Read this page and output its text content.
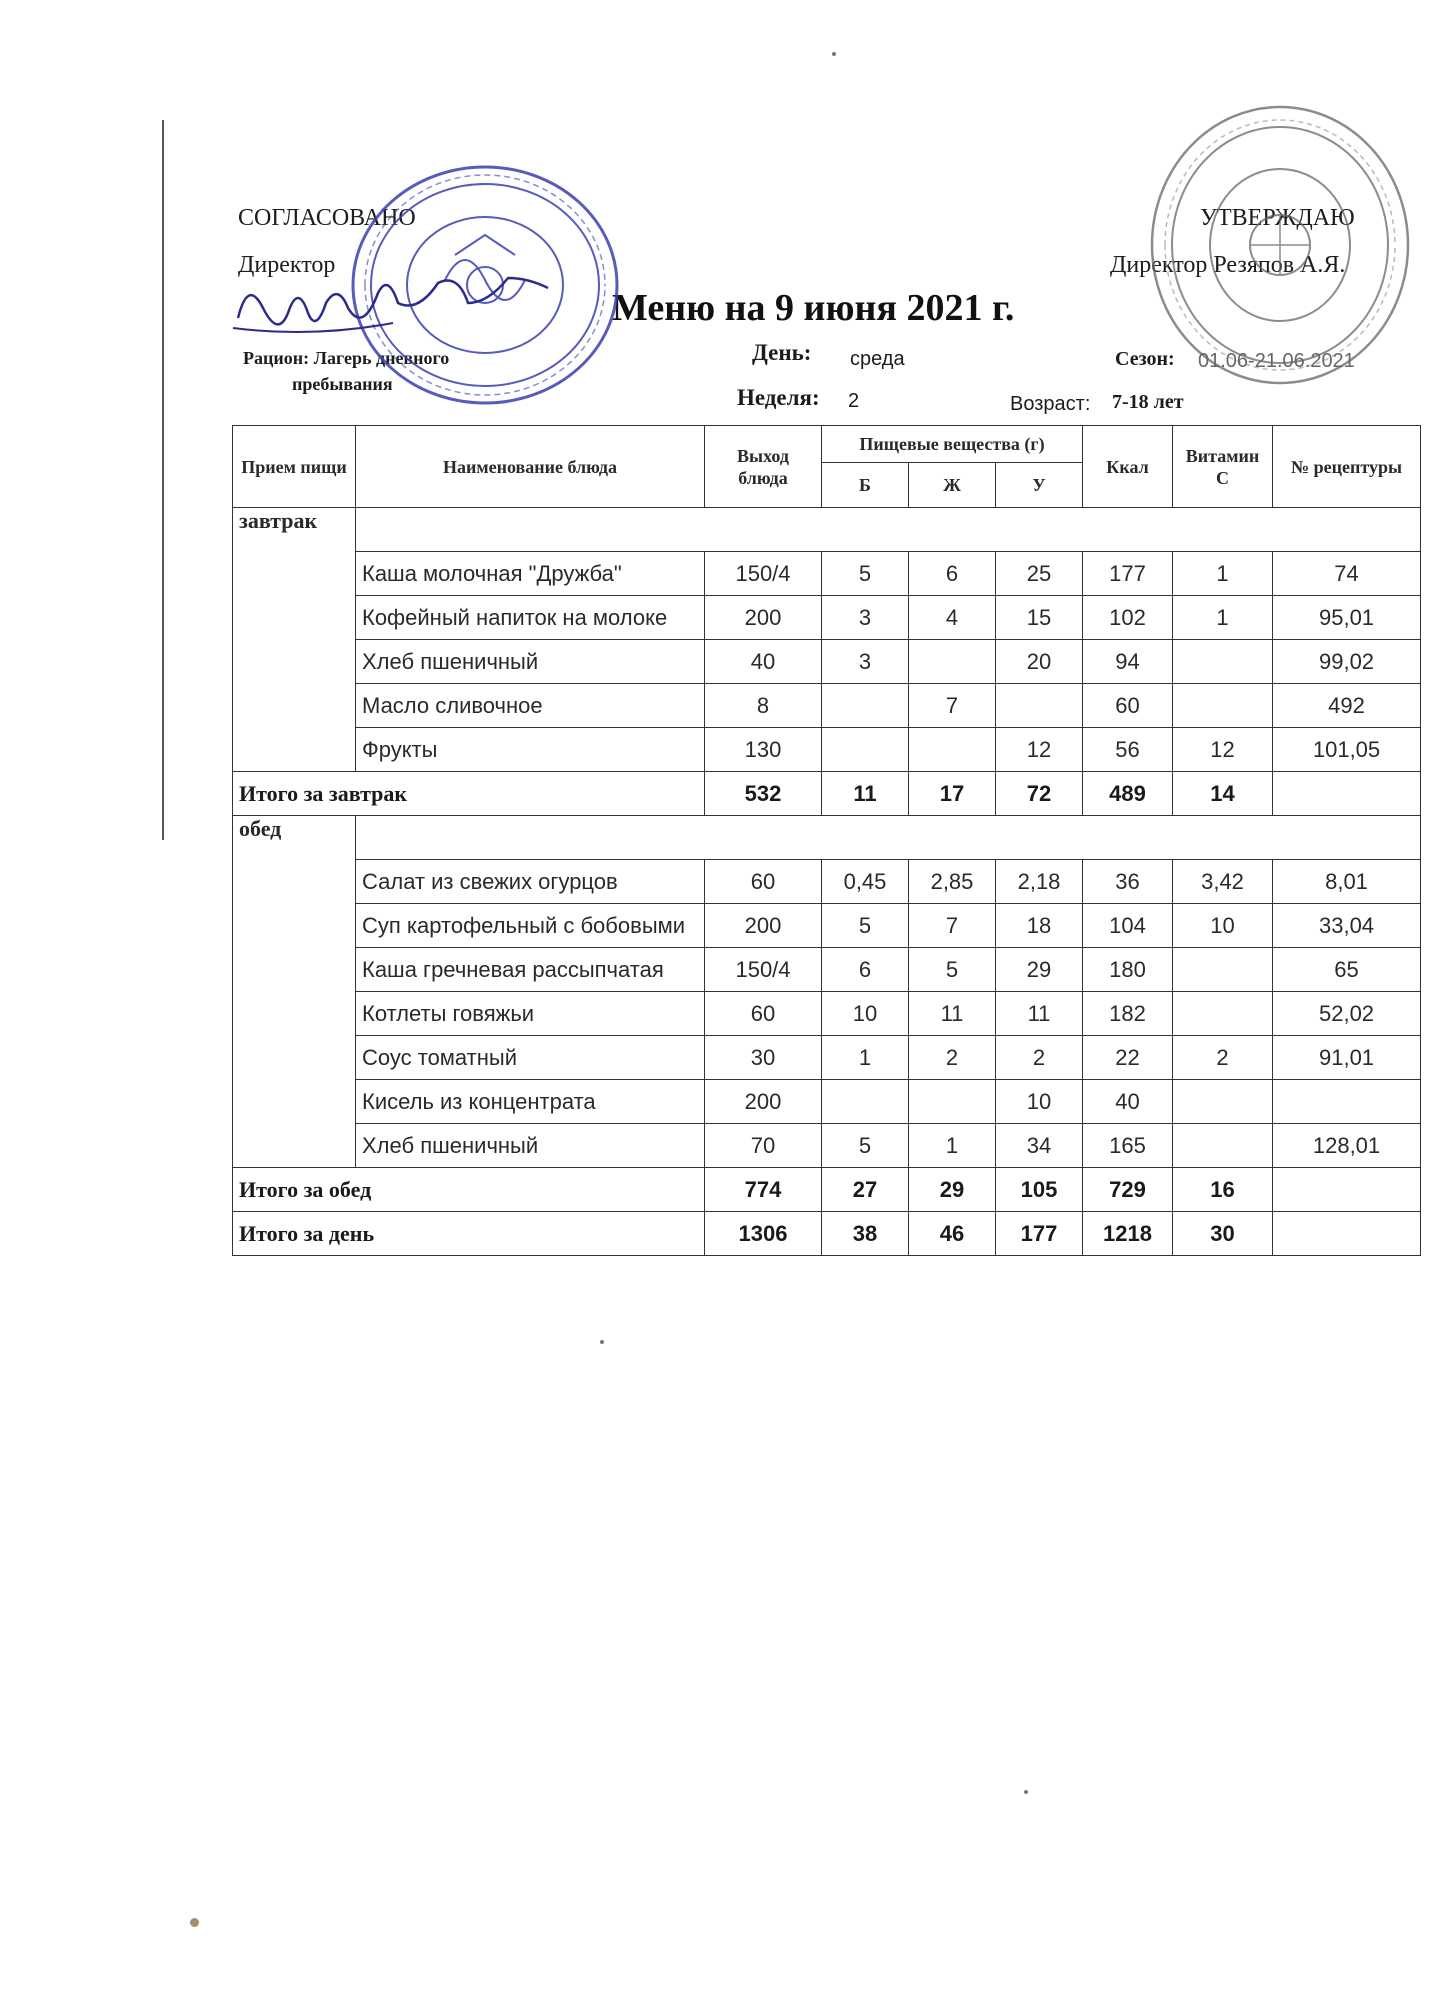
СОГЛАСОВАНО
Директор
УТВЕРЖДАЮ
Директор Резяпов А.Я.
Меню на 9 июня 2021 г.
Рацион: Лагерь дневного
пребывания
День: среда	Сезон: 01.06-21.06.2021
Неделя: 2	Возраст: 7-18 лет
Прием пищи	Наименование блюда	Выход блюда	Пищевые вещества (г)			Ккал	Витамин С	№ рецептуры
			Б	Ж	У			
завтрак								
	Каша молочная "Дружба"	150/4	5	6	25	177	1	74
	Кофейный напиток на молоке	200	3	4	15	102	1	95,01
	Хлеб пшеничный	40	3		20	94		99,02
	Масло сливочное	8		7		60		492
	Фрукты	130			12	56	12	101,05
Итого за завтрак		532	11	17	72	489	14	
обед								
	Салат из свежих огурцов	60	0,45	2,85	2,18	36	3,42	8,01
	Суп картофельный с бобовыми	200	5	7	18	104	10	33,04
	Каша гречневая рассыпчатая	150/4	6	5	29	180		65
	Котлеты говяжьи	60	10	11	11	182		52,02
	Соус томатный	30	1	2	2	22	2	91,01
	Кисель из концентрата	200			10	40		
	Хлеб пшеничный	70	5	1	34	165		128,01
Итого за обед		774	27	29	105	729	16	
Итого за день		1306	38	46	177	1218	30	
